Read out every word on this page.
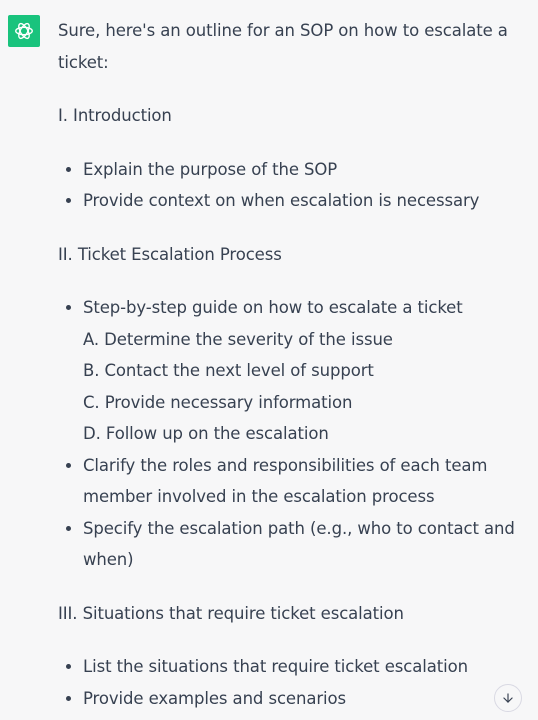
Sure, here's an outline for an SOP on how to escalate a ticket:

I. Introduction

Explain the purpose of the SOP
Provide context on when escalation is necessary

II. Ticket Escalation Process

Step-by-step guide on how to escalate a ticket
A. Determine the severity of the issue
B. Contact the next level of support
C. Provide necessary information
D. Follow up on the escalation
Clarify the roles and responsibilities of each team member involved in the escalation process
Specify the escalation path (e.g., who to contact and when)

III. Situations that require ticket escalation

List the situations that require ticket escalation
Provide examples and scenarios
